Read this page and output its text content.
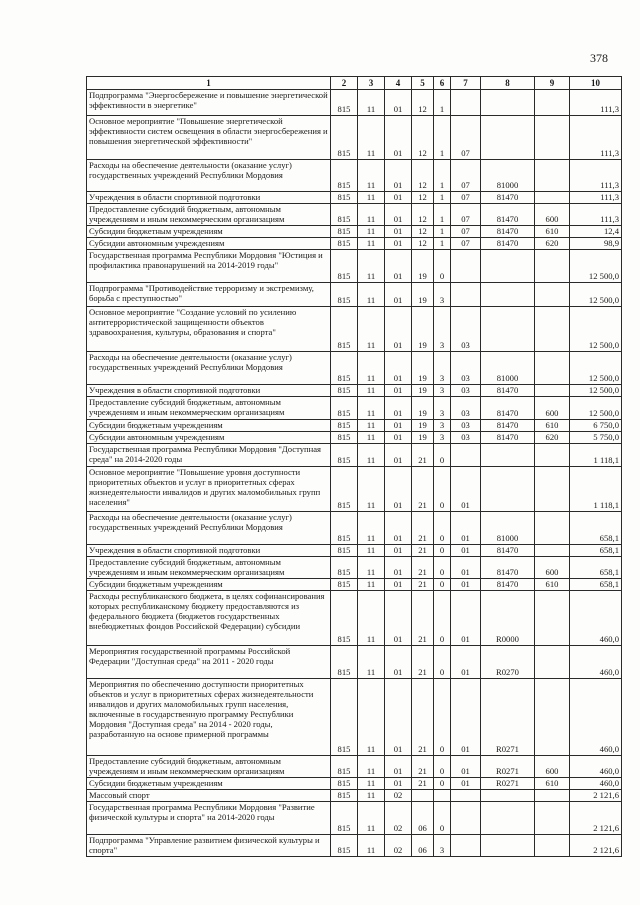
378
1	2	3	4	5	6	7	8	9	10

Подпрограмма "Энергосбережение и повышение энергетической эффективности в энергетике"	815	11	01	12	1				111,3

Основное мероприятие "Повышение энергетической эффективности систем освещения в области энергосбережения и повышения энергетической эффективности"	815	11	01	12	1	07			111,3

Расходы на обеспечение деятельности (оказание услуг) государственных учреждений Республики Мордовия	815	11	01	12	1	07	81000		111,3

Учреждения в области спортивной подготовки	815	11	01	12	1	07	81470		111,3

Предоставление субсидий бюджетным, автономным учреждениям и иным некоммерческим организациям	815	11	01	12	1	07	81470	600	111,3

Субсидии бюджетным учреждениям	815	11	01	12	1	07	81470	610	12,4

Субсидии автономным учреждениям	815	11	01	12	1	07	81470	620	98,9

Государственная программа Республики Мордовия "Юстиция и профилактика правонарушений на 2014-2019 годы"	815	11	01	19	0				12 500,0

Подпрограмма "Противодействие терроризму и экстремизму, борьба с преступностью"	815	11	01	19	3				12 500,0

Основное мероприятие "Создание условий по усилению антитеррористической защищенности объектов здравоохранения, культуры, образования и спорта"	815	11	01	19	3	03			12 500,0

Расходы на обеспечение деятельности (оказание услуг) государственных учреждений Республики Мордовия	815	11	01	19	3	03	81000		12 500,0

Учреждения в области спортивной подготовки	815	11	01	19	3	03	81470		12 500,0

Предоставление субсидий бюджетным, автономным учреждениям и иным некоммерческим организациям	815	11	01	19	3	03	81470	600	12 500,0

Субсидии бюджетным учреждениям	815	11	01	19	3	03	81470	610	6 750,0

Субсидии автономным учреждениям	815	11	01	19	3	03	81470	620	5 750,0

Государственная программа Республики Мордовия "Доступная среда" на 2014-2020 годы	815	11	01	21	0				1 118,1

Основное мероприятие "Повышение уровня доступности приоритетных объектов и услуг в приоритетных сферах жизнедеятельности инвалидов и других маломобильных групп населения"	815	11	01	21	0	01			1 118,1

Расходы на обеспечение деятельности (оказание услуг) государственных учреждений Республики Мордовия	815	11	01	21	0	01	81000		658,1

Учреждения в области спортивной подготовки	815	11	01	21	0	01	81470		658,1

Предоставление субсидий бюджетным, автономным учреждениям и иным некоммерческим организациям	815	11	01	21	0	01	81470	600	658,1

Субсидии бюджетным учреждениям	815	11	01	21	0	01	81470	610	658,1

Расходы республиканского бюджета, в целях софинансирования которых республиканскому бюджету предоставляются из федерального бюджета (бюджетов государственных внебюджетных фондов Российской Федерации) субсидии	815	11	01	21	0	01	R0000		460,0

Мероприятия государственной программы Российской Федерации "Доступная среда" на 2011 - 2020 годы	815	11	01	21	0	01	R0270		460,0

Мероприятия по обеспечению доступности приоритетных объектов и услуг в приоритетных сферах жизнедеятельности инвалидов и других маломобильных групп населения, включенные в государственную программу Республики Мордовия "Доступная среда" на 2014 - 2020 годы, разработанную на основе примерной программы	815	11	01	21	0	01	R0271		460,0

Предоставление субсидий бюджетным, автономным учреждениям и иным некоммерческим организациям	815	11	01	21	0	01	R0271	600	460,0

Субсидии бюджетным учреждениям	815	11	01	21	0	01	R0271	610	460,0

Массовый спорт	815	11	02						2 121,6

Государственная программа Республики Мордовия "Развитие физической культуры и спорта" на 2014-2020 годы	815	11	02	06	0				2 121,6

Подпрограмма "Управление развитием физической культуры и спорта"	815	11	02	06	3				2 121,6
